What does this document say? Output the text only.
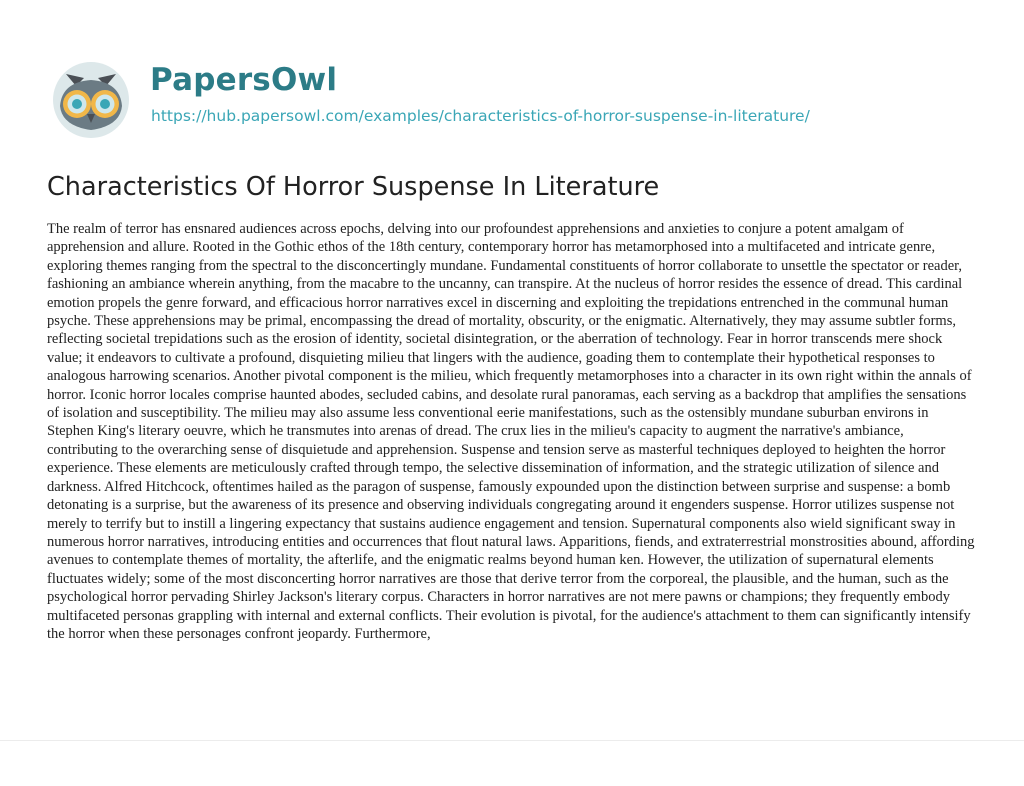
PapersOwl
https://hub.papersowl.com/examples/characteristics-of-horror-suspense-in-literature/
Characteristics Of Horror Suspense In Literature

The realm of terror has ensnared audiences across epochs, delving into our profoundest apprehensions and anxieties to conjure a potent amalgam of apprehension and allure. Rooted in the Gothic ethos of the 18th century, contemporary horror has metamorphosed into a multifaceted and intricate genre, exploring themes ranging from the spectral to the disconcertingly mundane. Fundamental constituents of horror collaborate to unsettle the spectator or reader, fashioning an ambiance wherein anything, from the macabre to the uncanny, can transpire. At the nucleus of horror resides the essence of dread. This cardinal emotion propels the genre forward, and efficacious horror narratives excel in discerning and exploiting the trepidations entrenched in the communal human psyche. These apprehensions may be primal, encompassing the dread of mortality, obscurity, or the enigmatic. Alternatively, they may assume subtler forms, reflecting societal trepidations such as the erosion of identity, societal disintegration, or the aberration of technology. Fear in horror transcends mere shock value; it endeavors to cultivate a profound, disquieting milieu that lingers with the audience, goading them to contemplate their hypothetical responses to analogous harrowing scenarios. Another pivotal component is the milieu, which frequently metamorphoses into a character in its own right within the annals of horror. Iconic horror locales comprise haunted abodes, secluded cabins, and desolate rural panoramas, each serving as a backdrop that amplifies the sensations of isolation and susceptibility. The milieu may also assume less conventional eerie manifestations, such as the ostensibly mundane suburban environs in Stephen King's literary oeuvre, which he transmutes into arenas of dread. The crux lies in the milieu's capacity to augment the narrative's ambiance, contributing to the overarching sense of disquietude and apprehension. Suspense and tension serve as masterful techniques deployed to heighten the horror experience. These elements are meticulously crafted through tempo, the selective dissemination of information, and the strategic utilization of silence and darkness. Alfred Hitchcock, oftentimes hailed as the paragon of suspense, famously expounded upon the distinction between surprise and suspense: a bomb detonating is a surprise, but the awareness of its presence and observing individuals congregating around it engenders suspense. Horror utilizes suspense not merely to terrify but to instill a lingering expectancy that sustains audience engagement and tension. Supernatural components also wield significant sway in numerous horror narratives, introducing entities and occurrences that flout natural laws. Apparitions, fiends, and extraterrestrial monstrosities abound, affording avenues to contemplate themes of mortality, the afterlife, and the enigmatic realms beyond human ken. However, the utilization of supernatural elements fluctuates widely; some of the most disconcerting horror narratives are those that derive terror from the corporeal, the plausible, and the human, such as the psychological horror pervading Shirley Jackson's literary corpus. Characters in horror narratives are not mere pawns or champions; they frequently embody multifaceted personas grappling with internal and external conflicts. Their evolution is pivotal, for the audience's attachment to them can significantly intensify the horror when these personages confront jeopardy. Furthermore,
